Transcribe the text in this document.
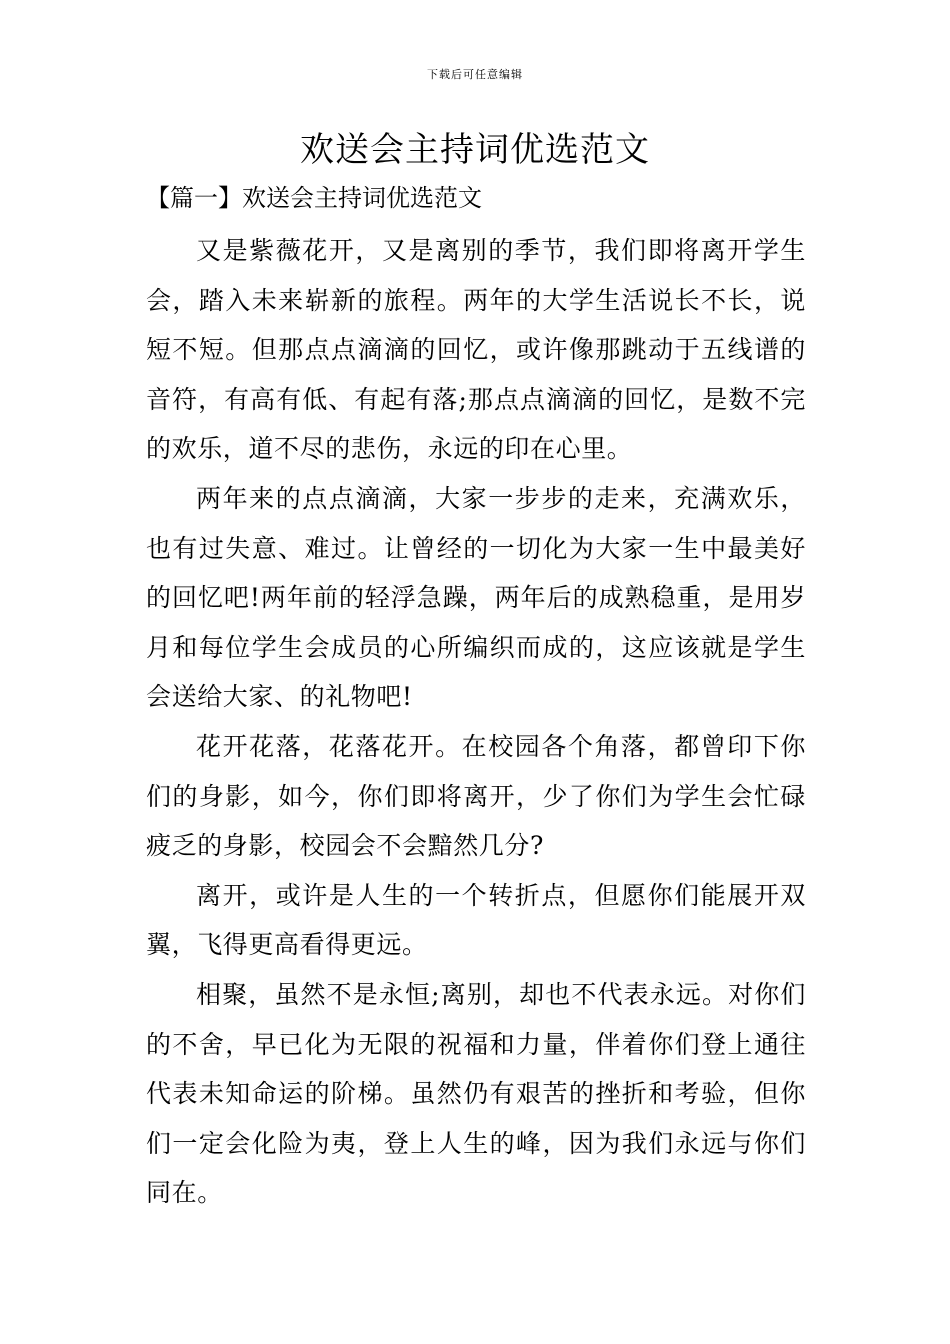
下载后可任意编辑
欢送会主持词优选范文
【篇一】欢送会主持词优选范文

又是紫薇花开，又是离别的季节，我们即将离开学生会，踏入未来崭新的旅程。两年的大学生活说长不长，说短不短。但那点点滴滴的回忆，或许像那跳动于五线谱的音符，有高有低、有起有落;那点点滴滴的回忆，是数不完的欢乐，道不尽的悲伤，永远的印在心里。

两年来的点点滴滴，大家一步步的走来，充满欢乐，也有过失意、难过。让曾经的一切化为大家一生中最美好的回忆吧!两年前的轻浮急躁，两年后的成熟稳重，是用岁月和每位学生会成员的心所编织而成的，这应该就是学生会送给大家、的礼物吧!

花开花落，花落花开。在校园各个角落，都曾印下你们的身影，如今，你们即将离开，少了你们为学生会忙碌疲乏的身影，校园会不会黯然几分?

离开，或许是人生的一个转折点，但愿你们能展开双翼，飞得更高看得更远。

相聚，虽然不是永恒;离别，却也不代表永远。对你们的不舍，早已化为无限的祝福和力量，伴着你们登上通往代表未知命运的阶梯。虽然仍有艰苦的挫折和考验，但你们一定会化险为夷，登上人生的峰，因为我们永远与你们同在。
